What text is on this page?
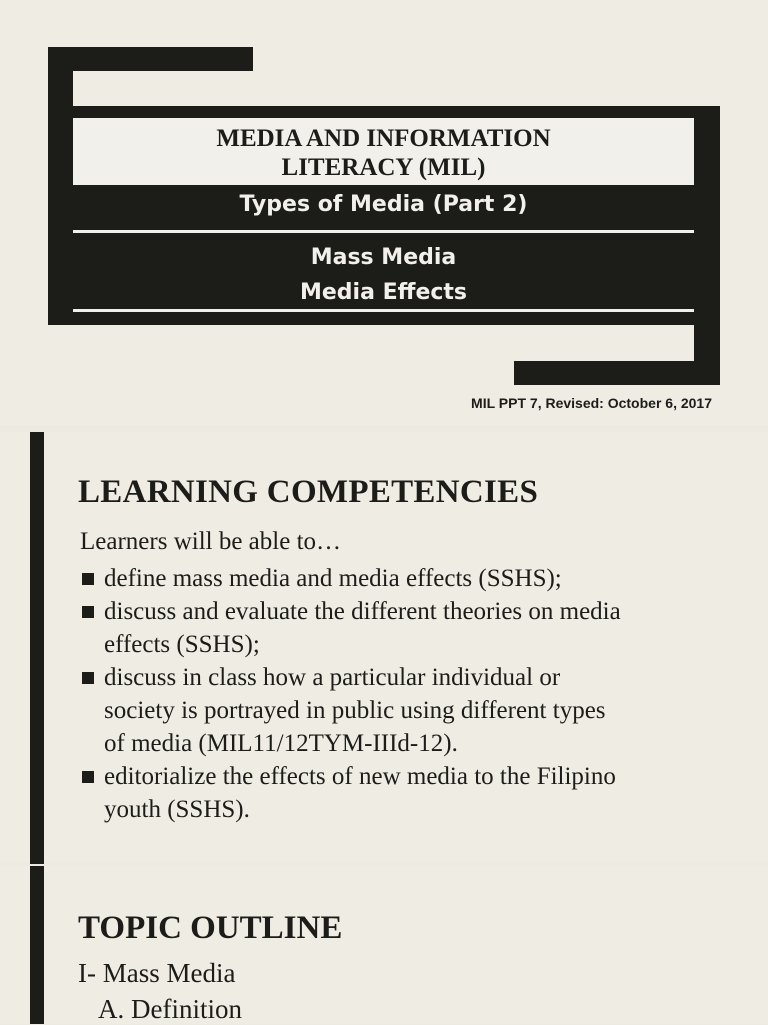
MEDIA AND INFORMATION
LITERACY (MIL)
Types of Media (Part 2)
Mass Media
Media Effects
MIL PPT 7, Revised: October 6, 2017
LEARNING COMPETENCIES
Learners will be able to…
define mass media and media effects (SSHS);
discuss and evaluate the different theories on media
effects (SSHS);
discuss in class how a particular individual or
society is portrayed in public using different types
of media (MIL11/12TYM-IIId-12).
editorialize the effects of new media to the Filipino
youth (SSHS).
TOPIC OUTLINE
I- Mass Media
A. Definition
